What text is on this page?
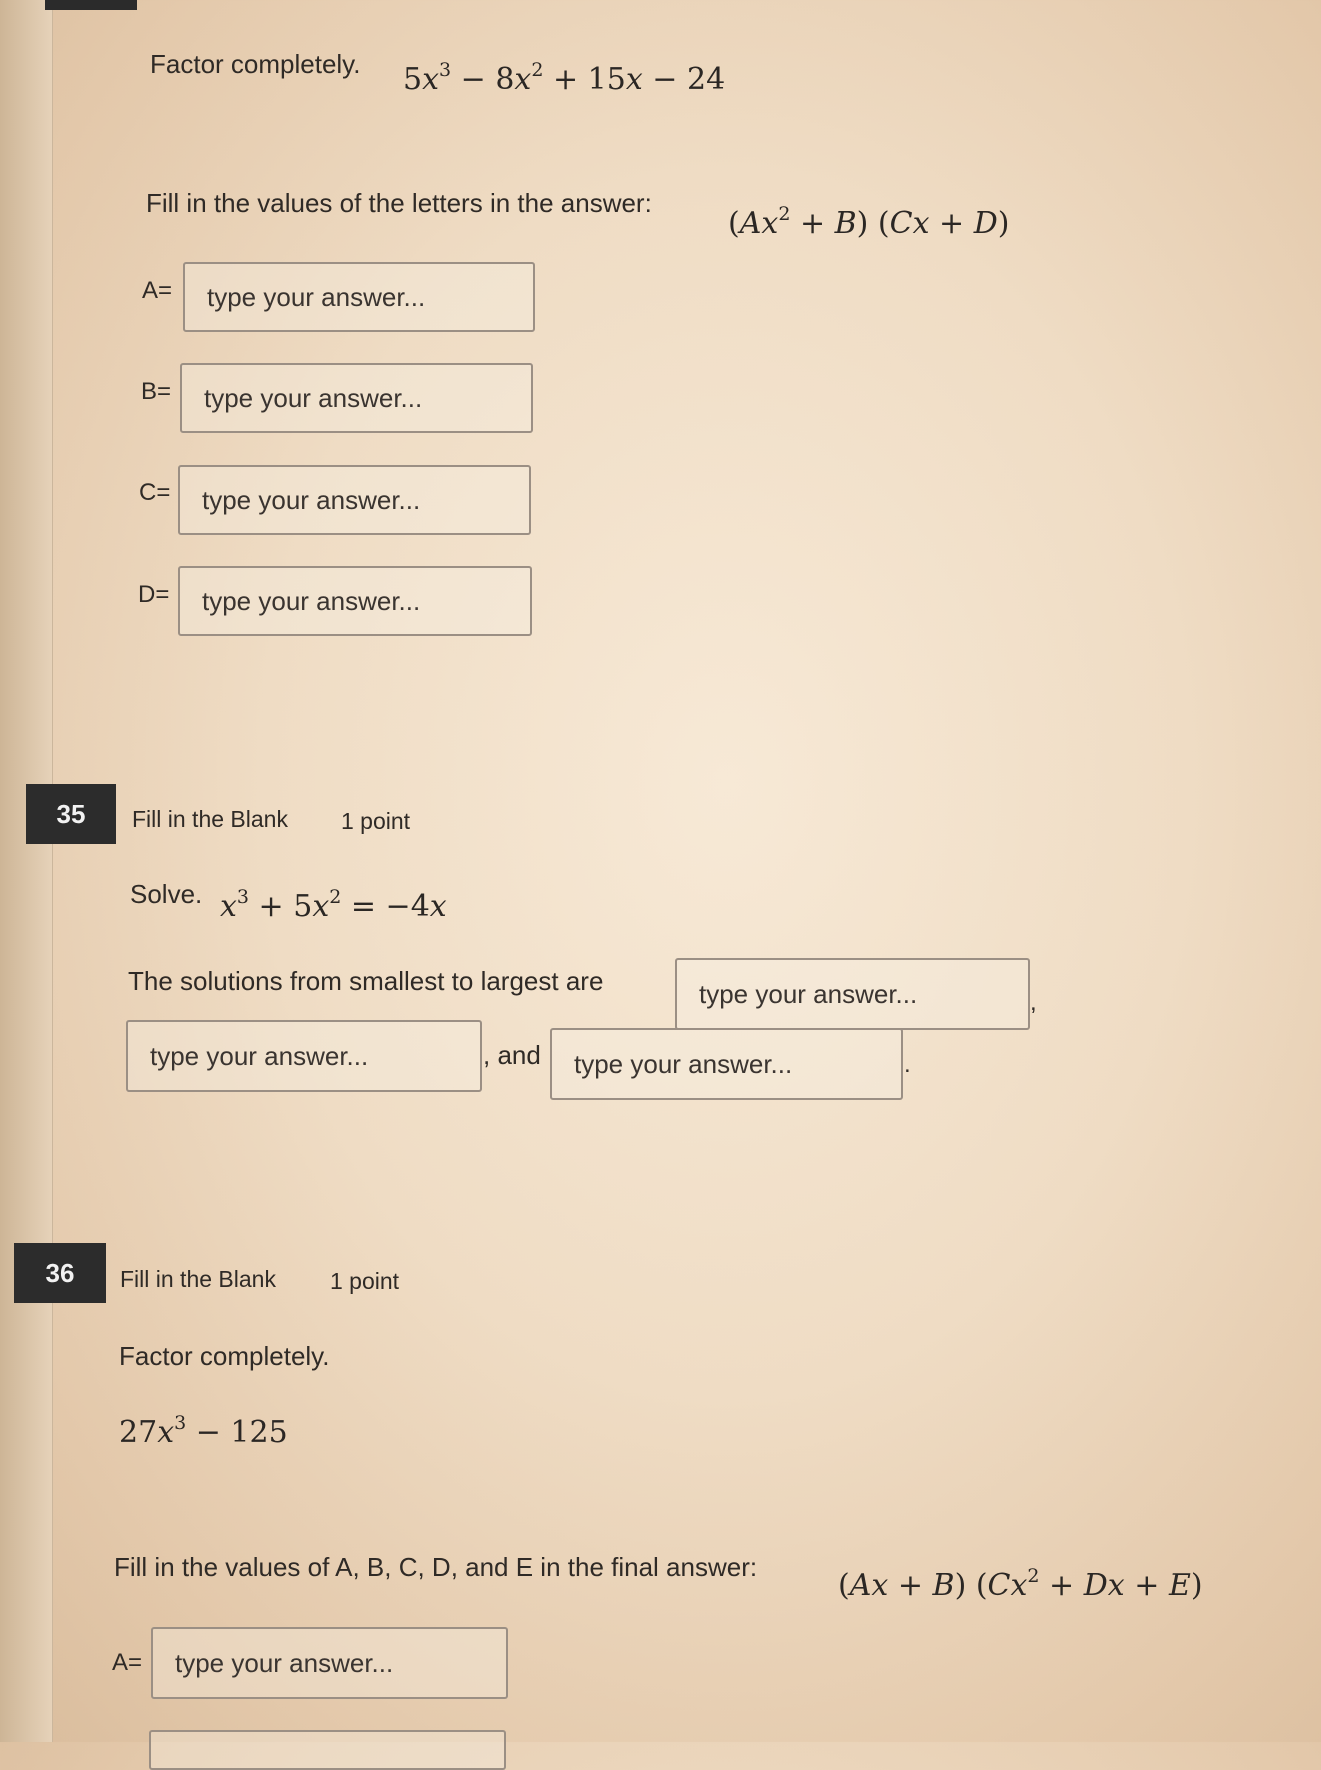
Factor completely. $5x^3 - 8x^2 + 15x - 24$
Fill in the values of the letters in the answer:
$(Ax^2 + B) (Cx + D)$
A=
type your answer...
B=
type your answer...
C=
type your answer...
D=
type your answer...
35	Fill in the Blank 1 point
Solve. $x^3 + 5x^2 = -4x$
The solutions from smallest to largest are
type your answer...
,
type your answer...
, and
type your answer...	.
36	Fill in the Blank 1 point
Factor completely.
$27x^3 - 125$
Fill in the values of A, B, C, D, and E in the final answer:
(Ax + B) $(Cx^2 + Dx + E)$
A=
type your answer...
